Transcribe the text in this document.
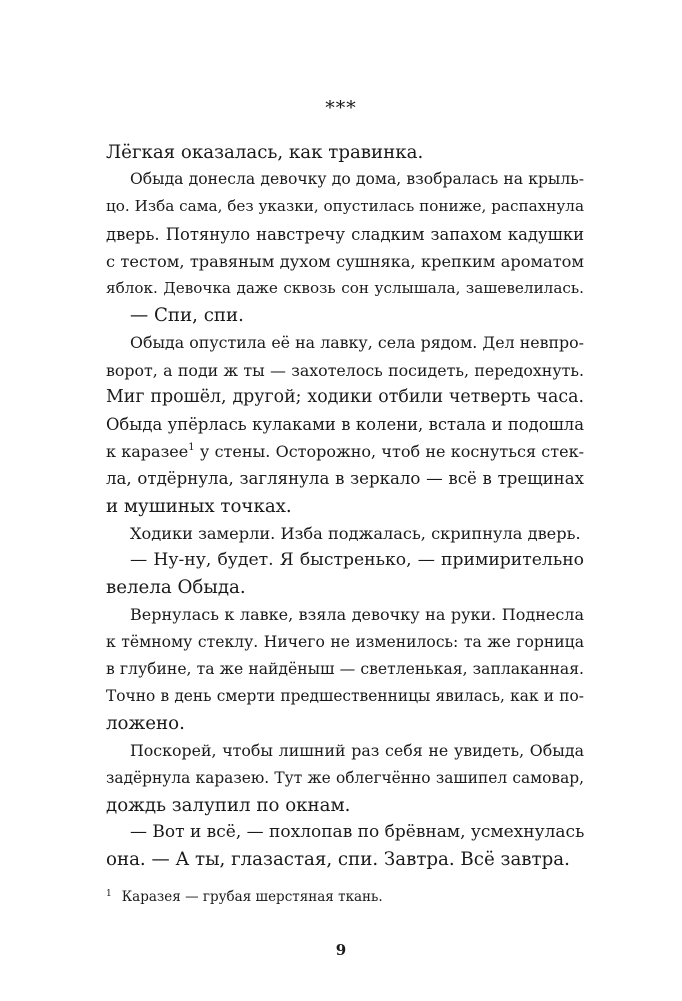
***
Лёгкая оказалась, как травинка.
Обыда донесла девочку до дома, взобралась на крыль-
цо. Изба сама, без указки, опустилась пониже, распахнула
дверь. Потянуло навстречу сладким запахом кадушки
с тестом, травяным духом сушняка, крепким ароматом
яблок. Девочка даже сквозь сон услышала, зашевелилась.
— Спи, спи.
Обыда опустила её на лавку, села рядом. Дел невпро-
ворот, а поди ж ты — захотелось посидеть, передохнуть.
Миг прошёл, другой; ходики отбили четверть часа.
Обыда упёрлась кулаками в колени, встала и подошла
к каразее$^1$ у стены. Осторожно, чтоб не коснуться стек-
ла, отдёрнула, заглянула в зеркало — всё в трещинах
и мушиных точках.
Ходики замерли. Изба поджалась, скрипнула дверь.
— Ну-ну, будет. Я быстренько, — примирительно
велела Обыда.
Вернулась к лавке, взяла девочку на руки. Поднесла
к тёмному стеклу. Ничего не изменилось: та же горница
в глубине, та же найдёныш — светленькая, заплаканная.
Точно в день смерти предшественницы явилась, как и по-
ложено.
Поскорей, чтобы лишний раз себя не увидеть, Обыда
задёрнула каразею. Тут же облегчённо зашипел самовар,
дождь залупил по окнам.
— Вот и всё, — похлопав по брёвнам, усмехнулась
она. — А ты, глазастая, спи. Завтра. Всё завтра.
$^1$ Каразея — грубая шерстяная ткань.
9
